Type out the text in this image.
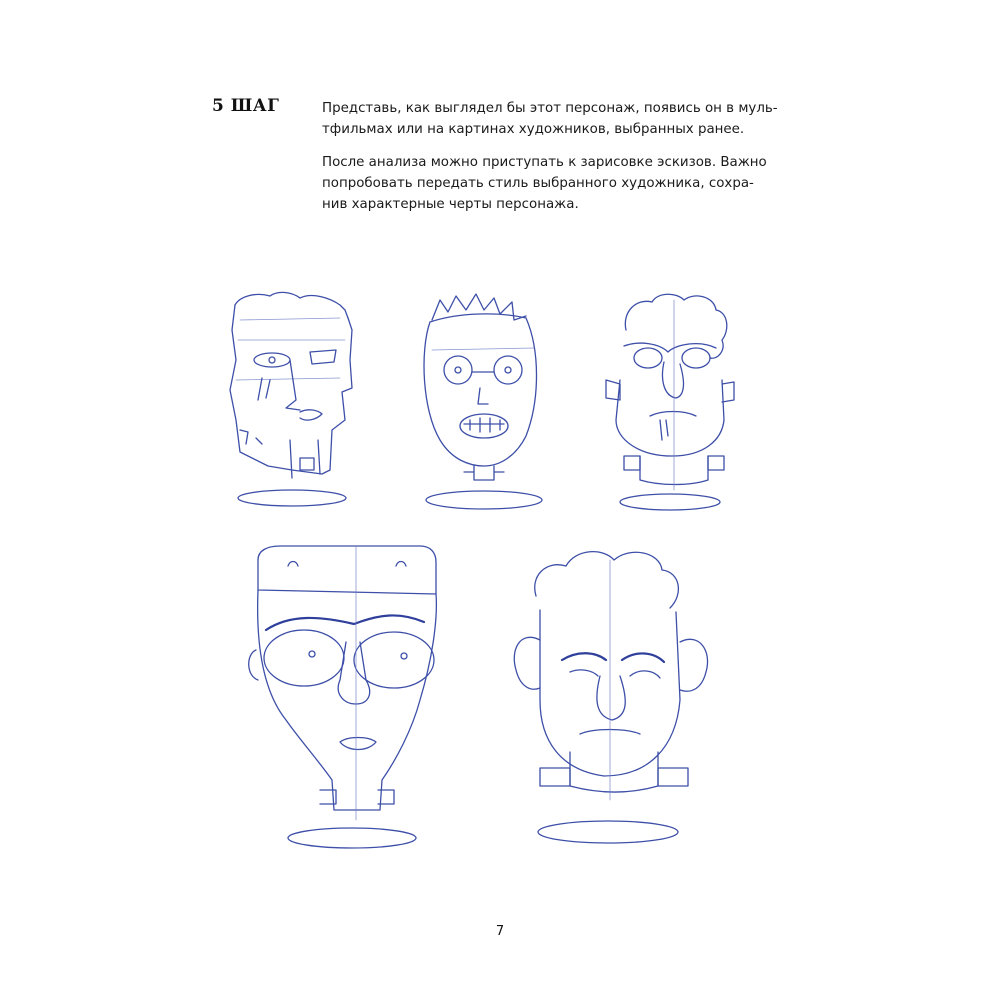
5 ШАГ	Представь, как выглядел бы этот персонаж, появись он в муль-
тфильмах или на картинах художников, выбранных ранее.

После анализа можно приступать к зарисовке эскизов. Важно
попробовать передать стиль выбранного художника, сохра-
нив характерные черты персонажа.

7
